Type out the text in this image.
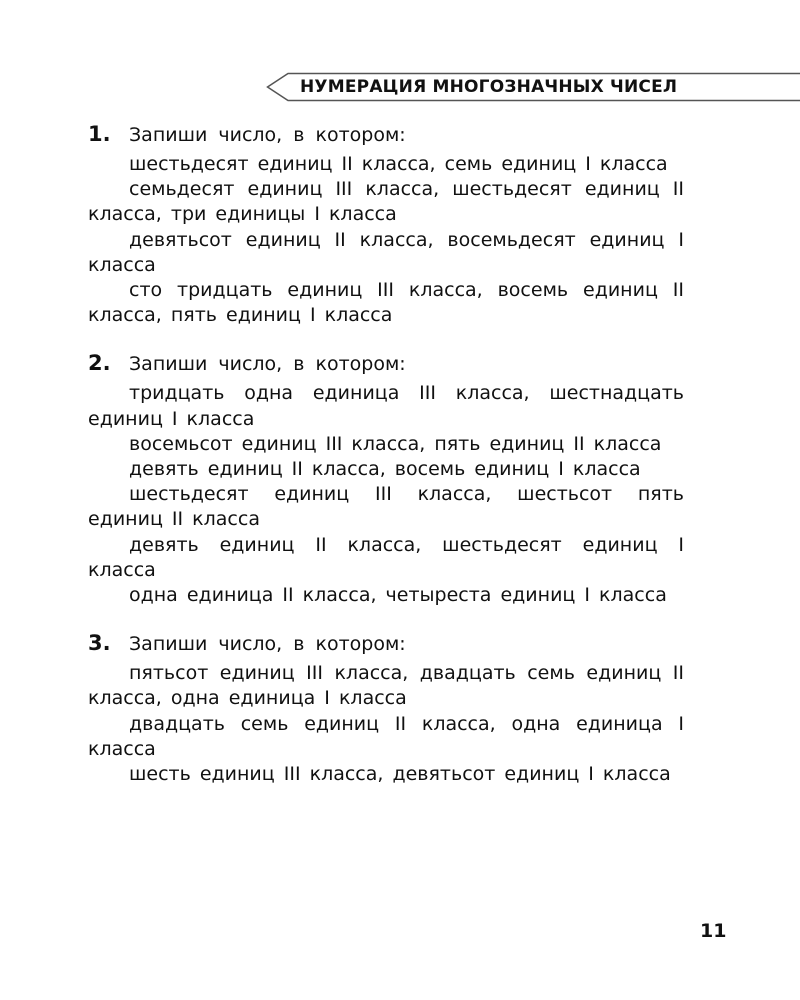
НУМЕРАЦИЯ МНОГОЗНАЧНЫХ ЧИСЕЛ
1. Запиши число, в котором:

шестьдесят единиц II класса, семь единиц I класса

семьдесят единиц III класса, шестьдесят единиц II класса, три единицы I класса

девятьсот единиц II класса, восемьдесят единиц I класса

сто тридцать единиц III класса, восемь единиц II класса, пять единиц I класса

2. Запиши число, в котором:

тридцать одна единица III класса, шестнадцать единиц I класса

восемьсот единиц III класса, пять единиц II класса

девять единиц II класса, восемь единиц I класса

шестьдесят единиц III класса, шестьсот пять единиц II класса

девять единиц II класса, шестьдесят единиц I класса

одна единица II класса, четыреста единиц I класса

3. Запиши число, в котором:

пятьсот единиц III класса, двадцать семь единиц II класса, одна единица I класса

двадцать семь единиц II класса, одна единица I класса

шесть единиц III класса, девятьсот единиц I класса

11
